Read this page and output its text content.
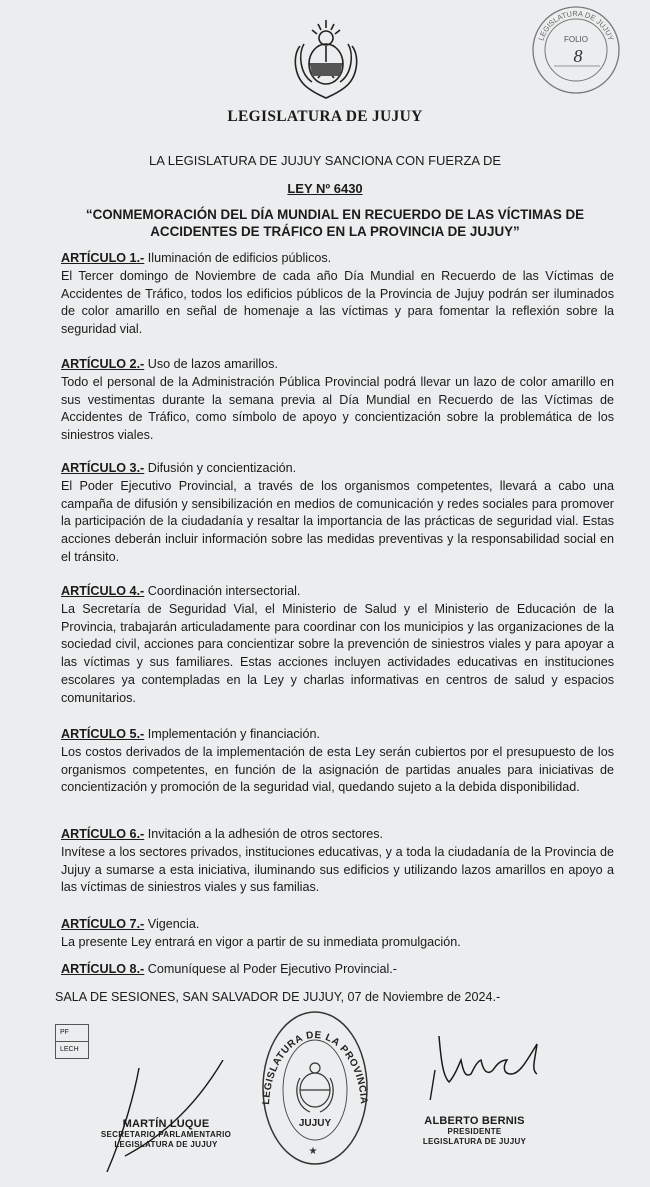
LEGISLATURA DE JUJUY
LEGISLATURA DE JUJUY
FOLIO
8
LA LEGISLATURA DE JUJUY SANCIONA CON FUERZA DE
LEY Nº 6430
“CONMEMORACIÓN DEL DÍA MUNDIAL EN RECUERDO DE LAS VÍCTIMAS DE
ACCIDENTES DE TRÁFICO EN LA PROVINCIA DE JUJUY”
ARTÍCULO 1.- Iluminación de edificios públicos.
El Tercer domingo de Noviembre de cada año Día Mundial en Recuerdo de las Víctimas de Accidentes de Tráfico, todos los edificios públicos de la Provincia de Jujuy podrán ser iluminados de color amarillo en señal de homenaje a las víctimas y para fomentar la reflexión sobre la seguridad vial.
ARTÍCULO 2.- Uso de lazos amarillos.
Todo el personal de la Administración Pública Provincial podrá llevar un lazo de color amarillo en sus vestimentas durante la semana previa al Día Mundial en Recuerdo de las Víctimas de Accidentes de Tráfico, como símbolo de apoyo y concientización sobre la problemática de los siniestros viales.
ARTÍCULO 3.- Difusión y concientización.
El Poder Ejecutivo Provincial, a través de los organismos competentes, llevará a cabo una campaña de difusión y sensibilización en medios de comunicación y redes sociales para promover la participación de la ciudadanía y resaltar la importancia de las prácticas de seguridad vial. Estas acciones deberán incluir información sobre las medidas preventivas y la responsabilidad social en el tránsito.
ARTÍCULO 4.- Coordinación intersectorial.
La Secretaría de Seguridad Vial, el Ministerio de Salud y el Ministerio de Educación de la Provincia, trabajarán articuladamente para coordinar con los municipios y las organizaciones de la sociedad civil, acciones para concientizar sobre la prevención de siniestros viales y para apoyar a las víctimas y sus familiares. Estas acciones incluyen actividades educativas en instituciones escolares ya contempladas en la Ley y charlas informativas en centros de salud y espacios comunitarios.
ARTÍCULO 5.- Implementación y financiación.
Los costos derivados de la implementación de esta Ley serán cubiertos por el presupuesto de los organismos competentes, en función de la asignación de partidas anuales para iniciativas de concientización y promoción de la seguridad vial, quedando sujeto a la debida disponibilidad.
ARTÍCULO 6.- Invitación a la adhesión de otros sectores.
Invítese a los sectores privados, instituciones educativas, y a toda la ciudadanía de la Provincia de Jujuy a sumarse a esta iniciativa, iluminando sus edificios y utilizando lazos amarillos en apoyo a las víctimas de siniestros viales y sus familias.
ARTÍCULO 7.- Vigencia.
La presente Ley entrará en vigor a partir de su inmediata promulgación.
ARTÍCULO 8.- Comuníquese al Poder Ejecutivo Provincial.-
SALA DE SESIONES, SAN SALVADOR DE JUJUY, 07 de Noviembre de 2024.-
PF
LECH
LEGISLATURA DE LA PROVINCIA
JUJUY
★
MARTÍN LUQUE
SECRETARIO PARLAMENTARIO
LEGISLATURA DE JUJUY
ALBERTO BERNIS
PRESIDENTE
LEGISLATURA DE JUJUY
